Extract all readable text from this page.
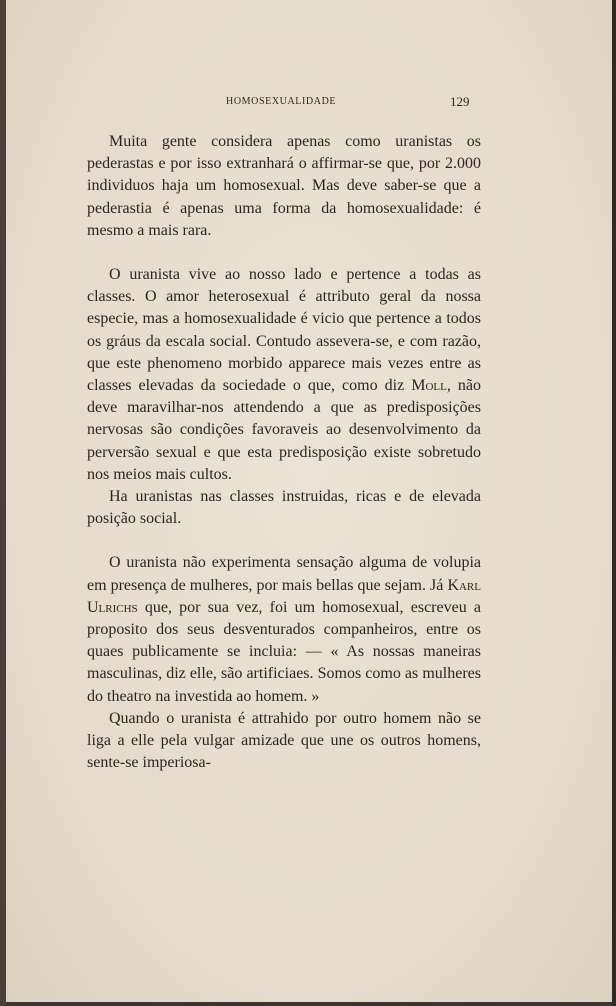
HOMOSEXUALIDADE	129

Muita gente considera apenas como uranistas os pederastas e por isso extranhará o affirmar-se que, por 2.000 individuos haja um homosexual. Mas deve saber-se que a pederastia é apenas uma forma da homosexualidade: é mesmo a mais rara.

O uranista vive ao nosso lado e pertence a todas as classes. O amor heterosexual é attributo geral da nossa especie, mas a homosexualidade é vicio que pertence a todos os gráus da escala social. Contudo assevera-se, e com razão, que este phenomeno morbido apparece mais vezes entre as classes elevadas da sociedade o que, como diz Moll, não deve maravilhar-nos attendendo a que as predisposições nervosas são condições favoraveis ao desenvolvimento da perversão sexual e que esta predisposição existe sobretudo nos meios mais cultos.

Ha uranistas nas classes instruidas, ricas e de elevada posição social.

O uranista não experimenta sensação alguma de volupia em presença de mulheres, por mais bellas que sejam. Já Karl Ulrichs que, por sua vez, foi um homosexual, escreveu a proposito dos seus desventurados companheiros, entre os quaes publicamente se incluia: — « As nossas maneiras masculinas, diz elle, são artificiaes. Somos como as mulheres do theatro na investida ao homem. »

Quando o uranista é attrahido por outro homem não se liga a elle pela vulgar amizade que une os outros homens, sente-se imperiosa-
